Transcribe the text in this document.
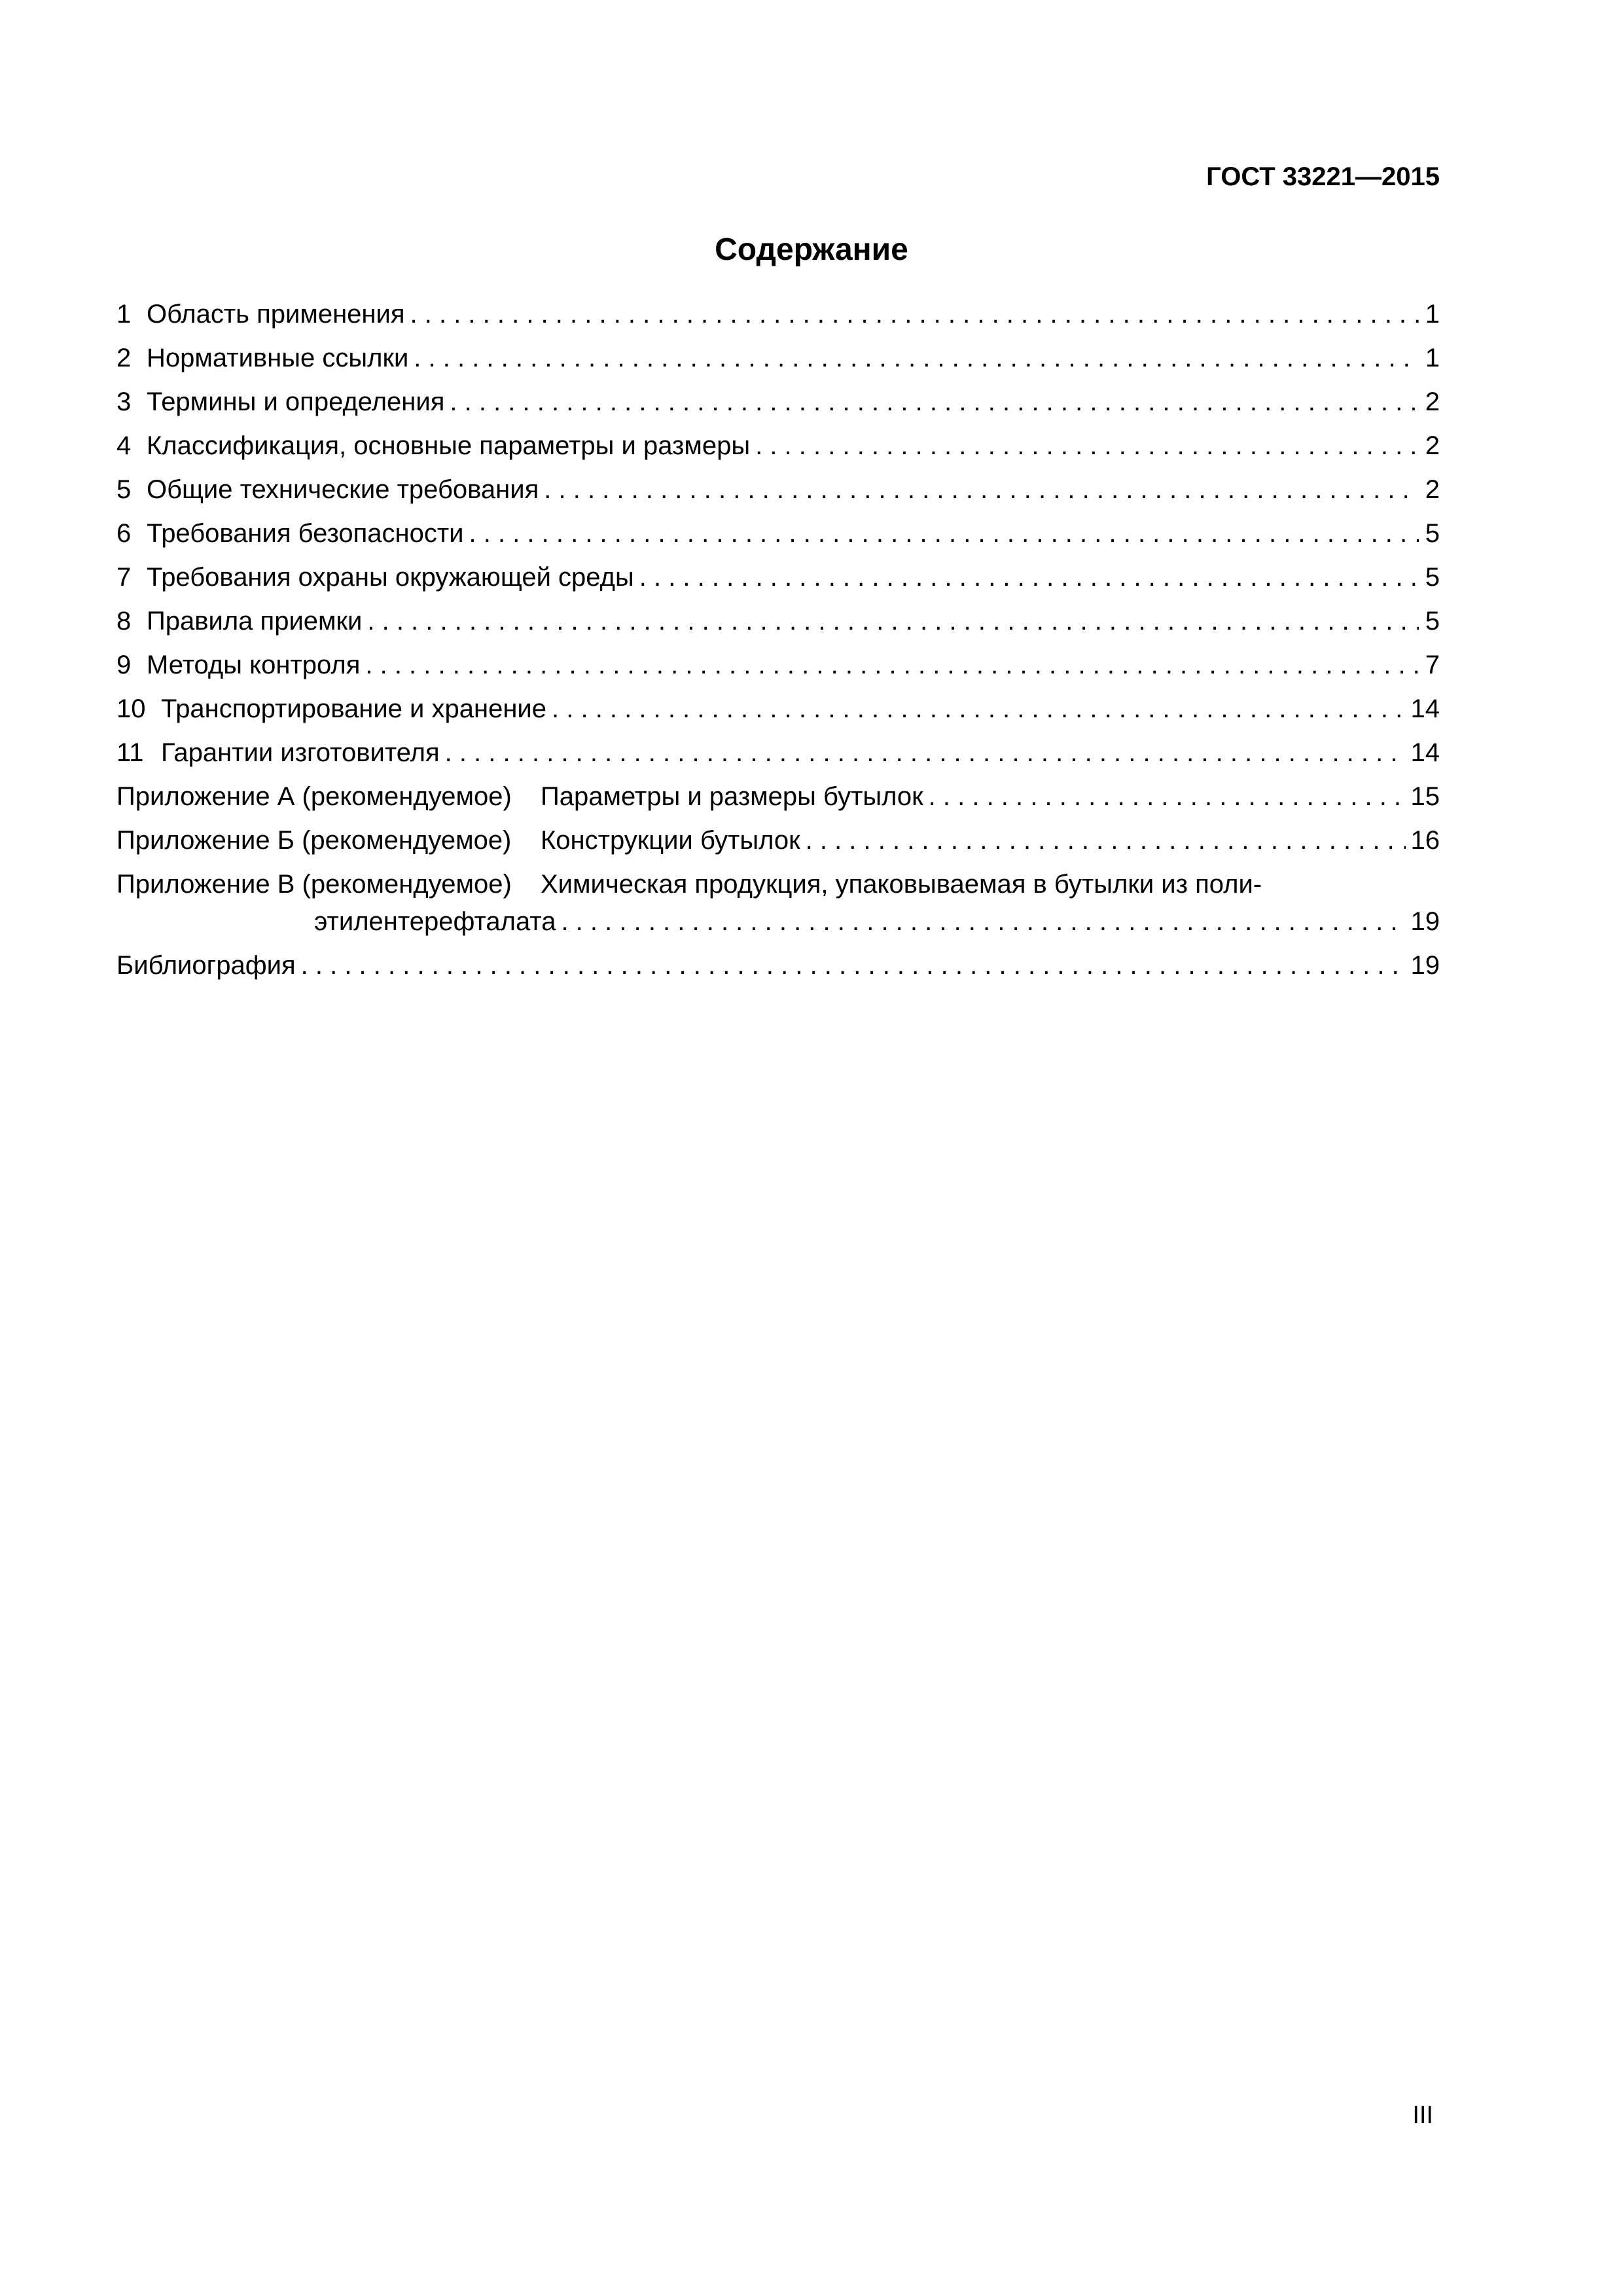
ГОСТ 33221—2015
Содержание
1 Область применения . . .	1
2 Нормативные ссылки . . .	1
3 Термины и определения . . .	2
4 Классификация, основные параметры и размеры . . .	2
5 Общие технические требования . . .	2
6 Требования безопасности . . .	5
7 Требования охраны окружающей среды . . .	5
8 Правила приемки . . .	5
9 Методы контроля . . .	7
10 Транспортирование и хранение . . .	14
11 Гарантии изготовителя . . .	14
Приложение А (рекомендуемое)	Параметры и размеры бутылок . . .	15
Приложение Б (рекомендуемое)	Конструкции бутылок . . .	16
Приложение В (рекомендуемое)	Химическая продукция, упаковываемая в бутылки из поли-
этилентерефталата . . .	19
Библиография . . .	19
III
